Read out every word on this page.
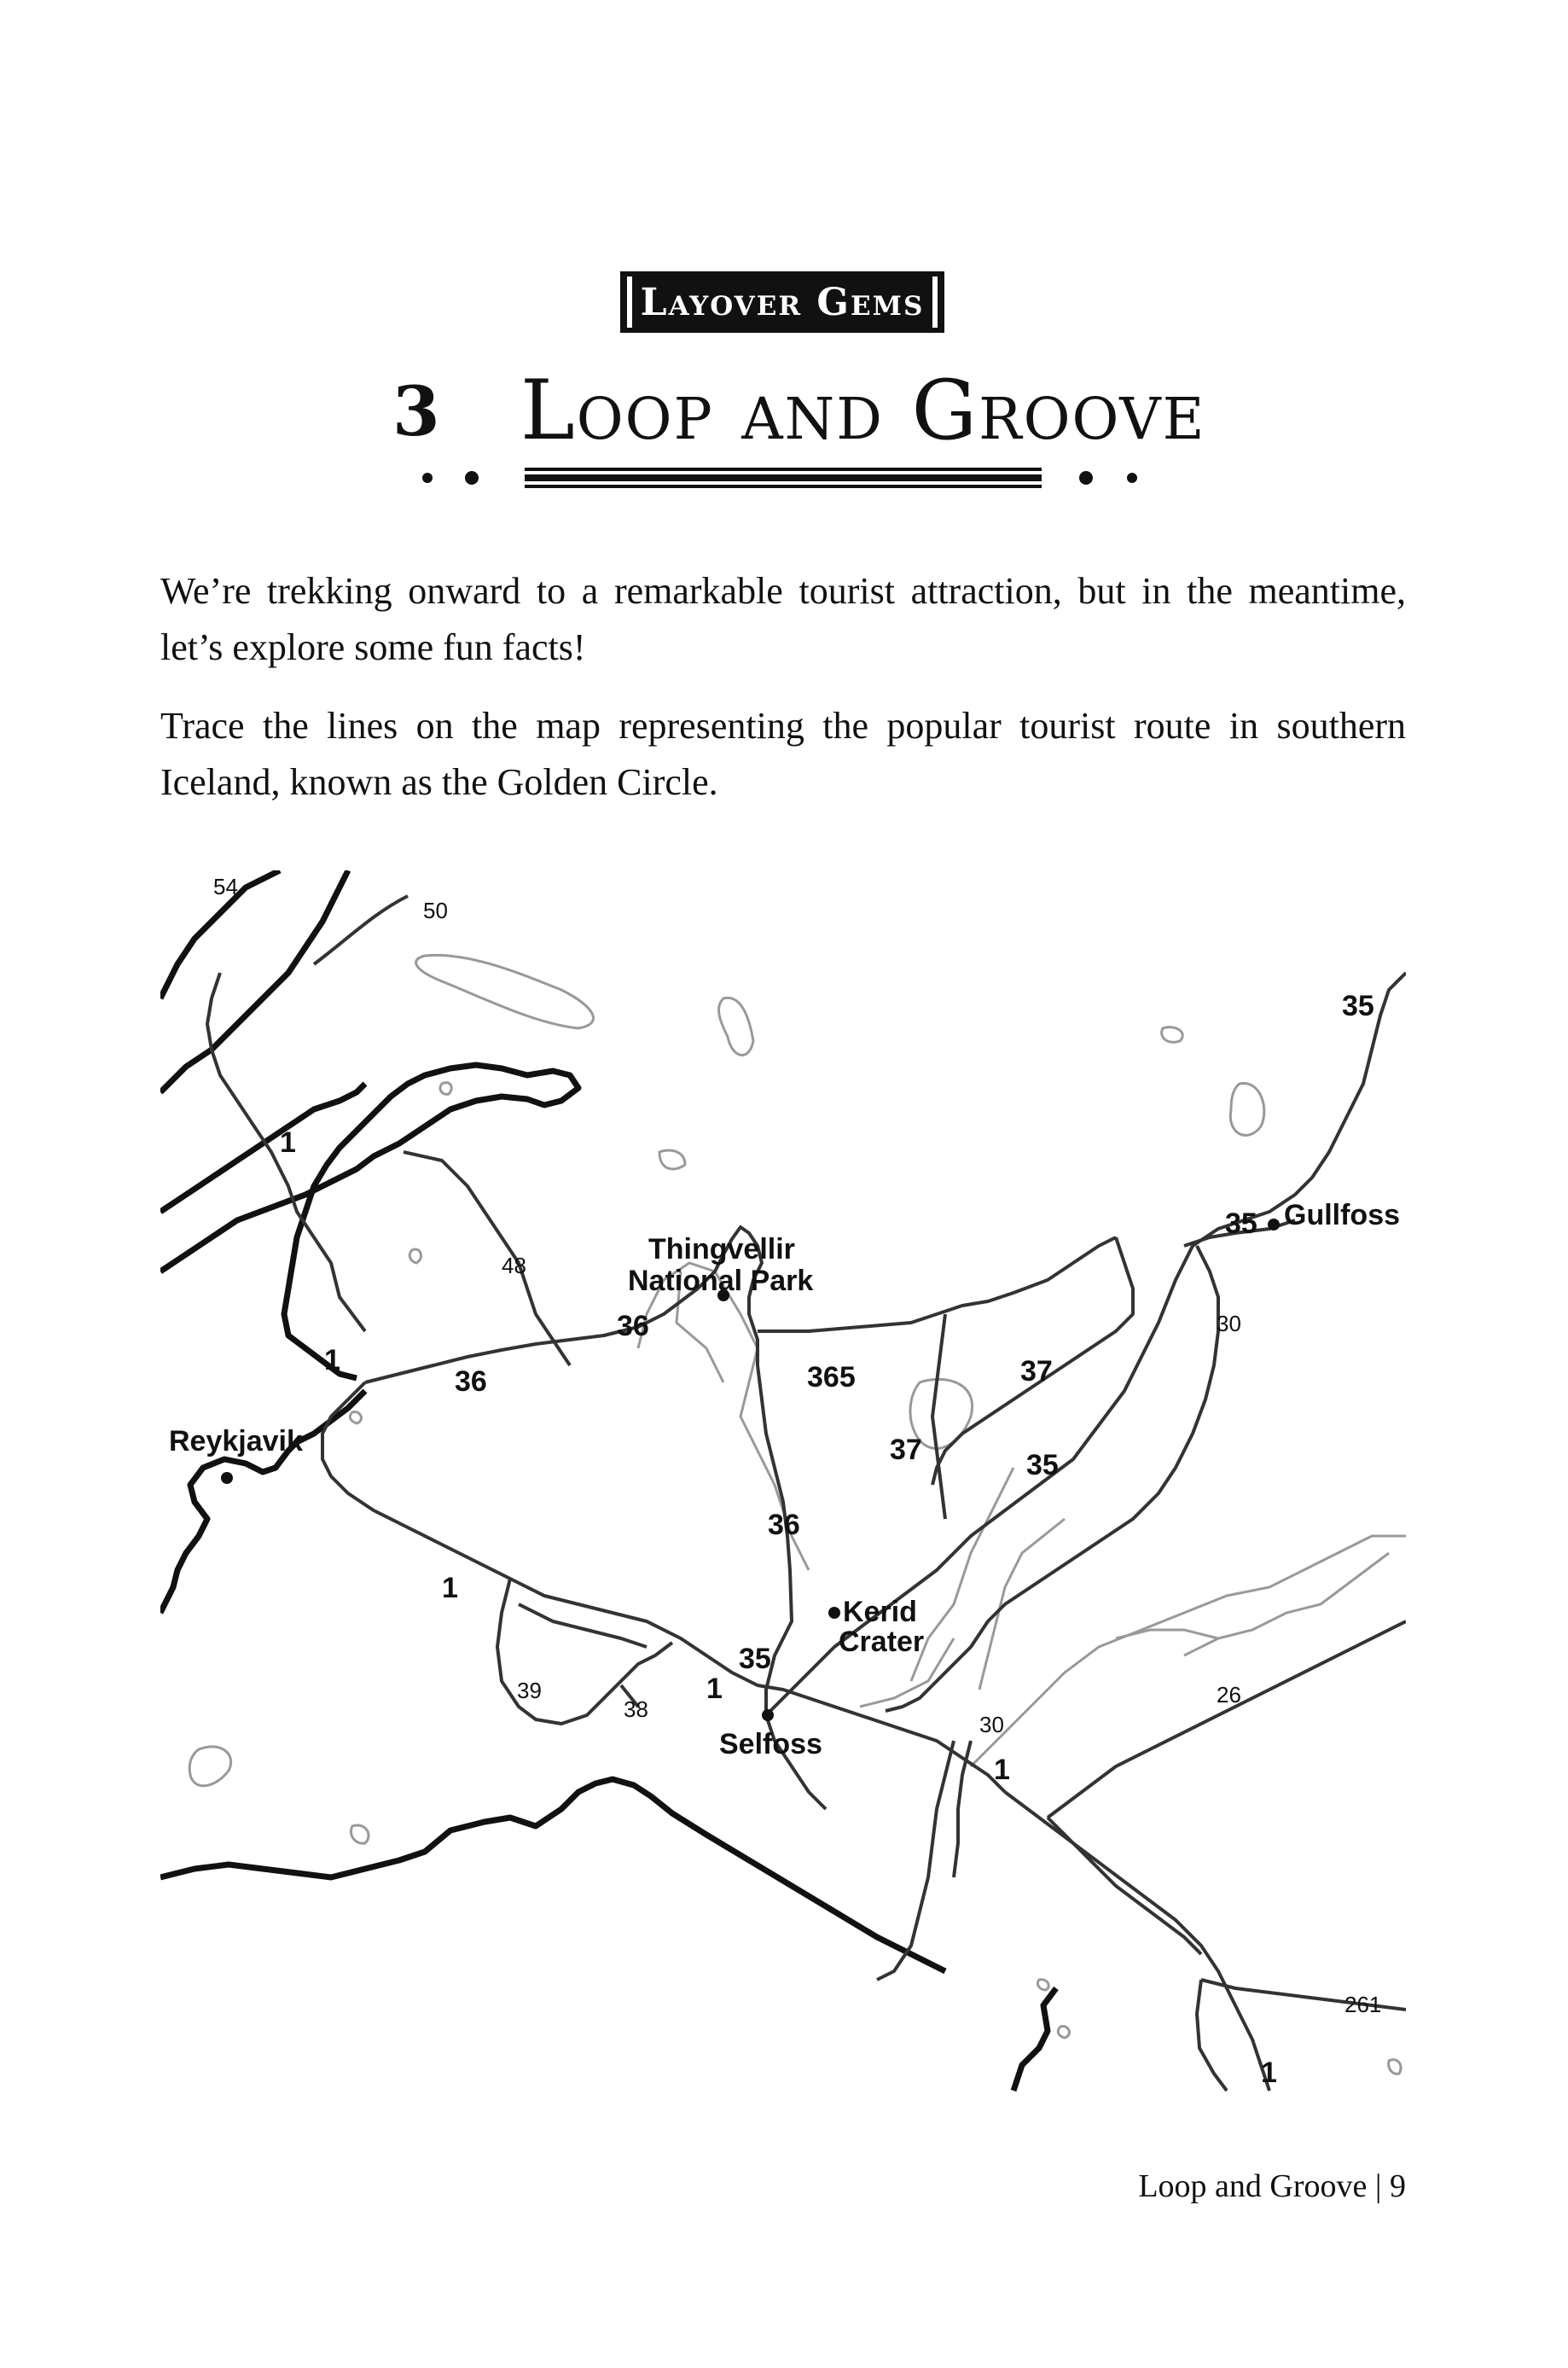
Layover Gems
3 Loop and Groove

We’re trekking onward to a remarkable tourist attraction, but in the meantime, let’s explore some fun facts!

Trace the lines on the map representing the popular tourist route in southern Iceland, known as the Golden Circle.

Thingvellir
National Park
Gullfoss
Reykjavik
Kerid
Crater
Selfoss
35
1
35
36
1
36	365	37
37	35
36
1
35
1
1
1
54
50
48
30
39
38
30
26
261
Loop and Groove | 9
